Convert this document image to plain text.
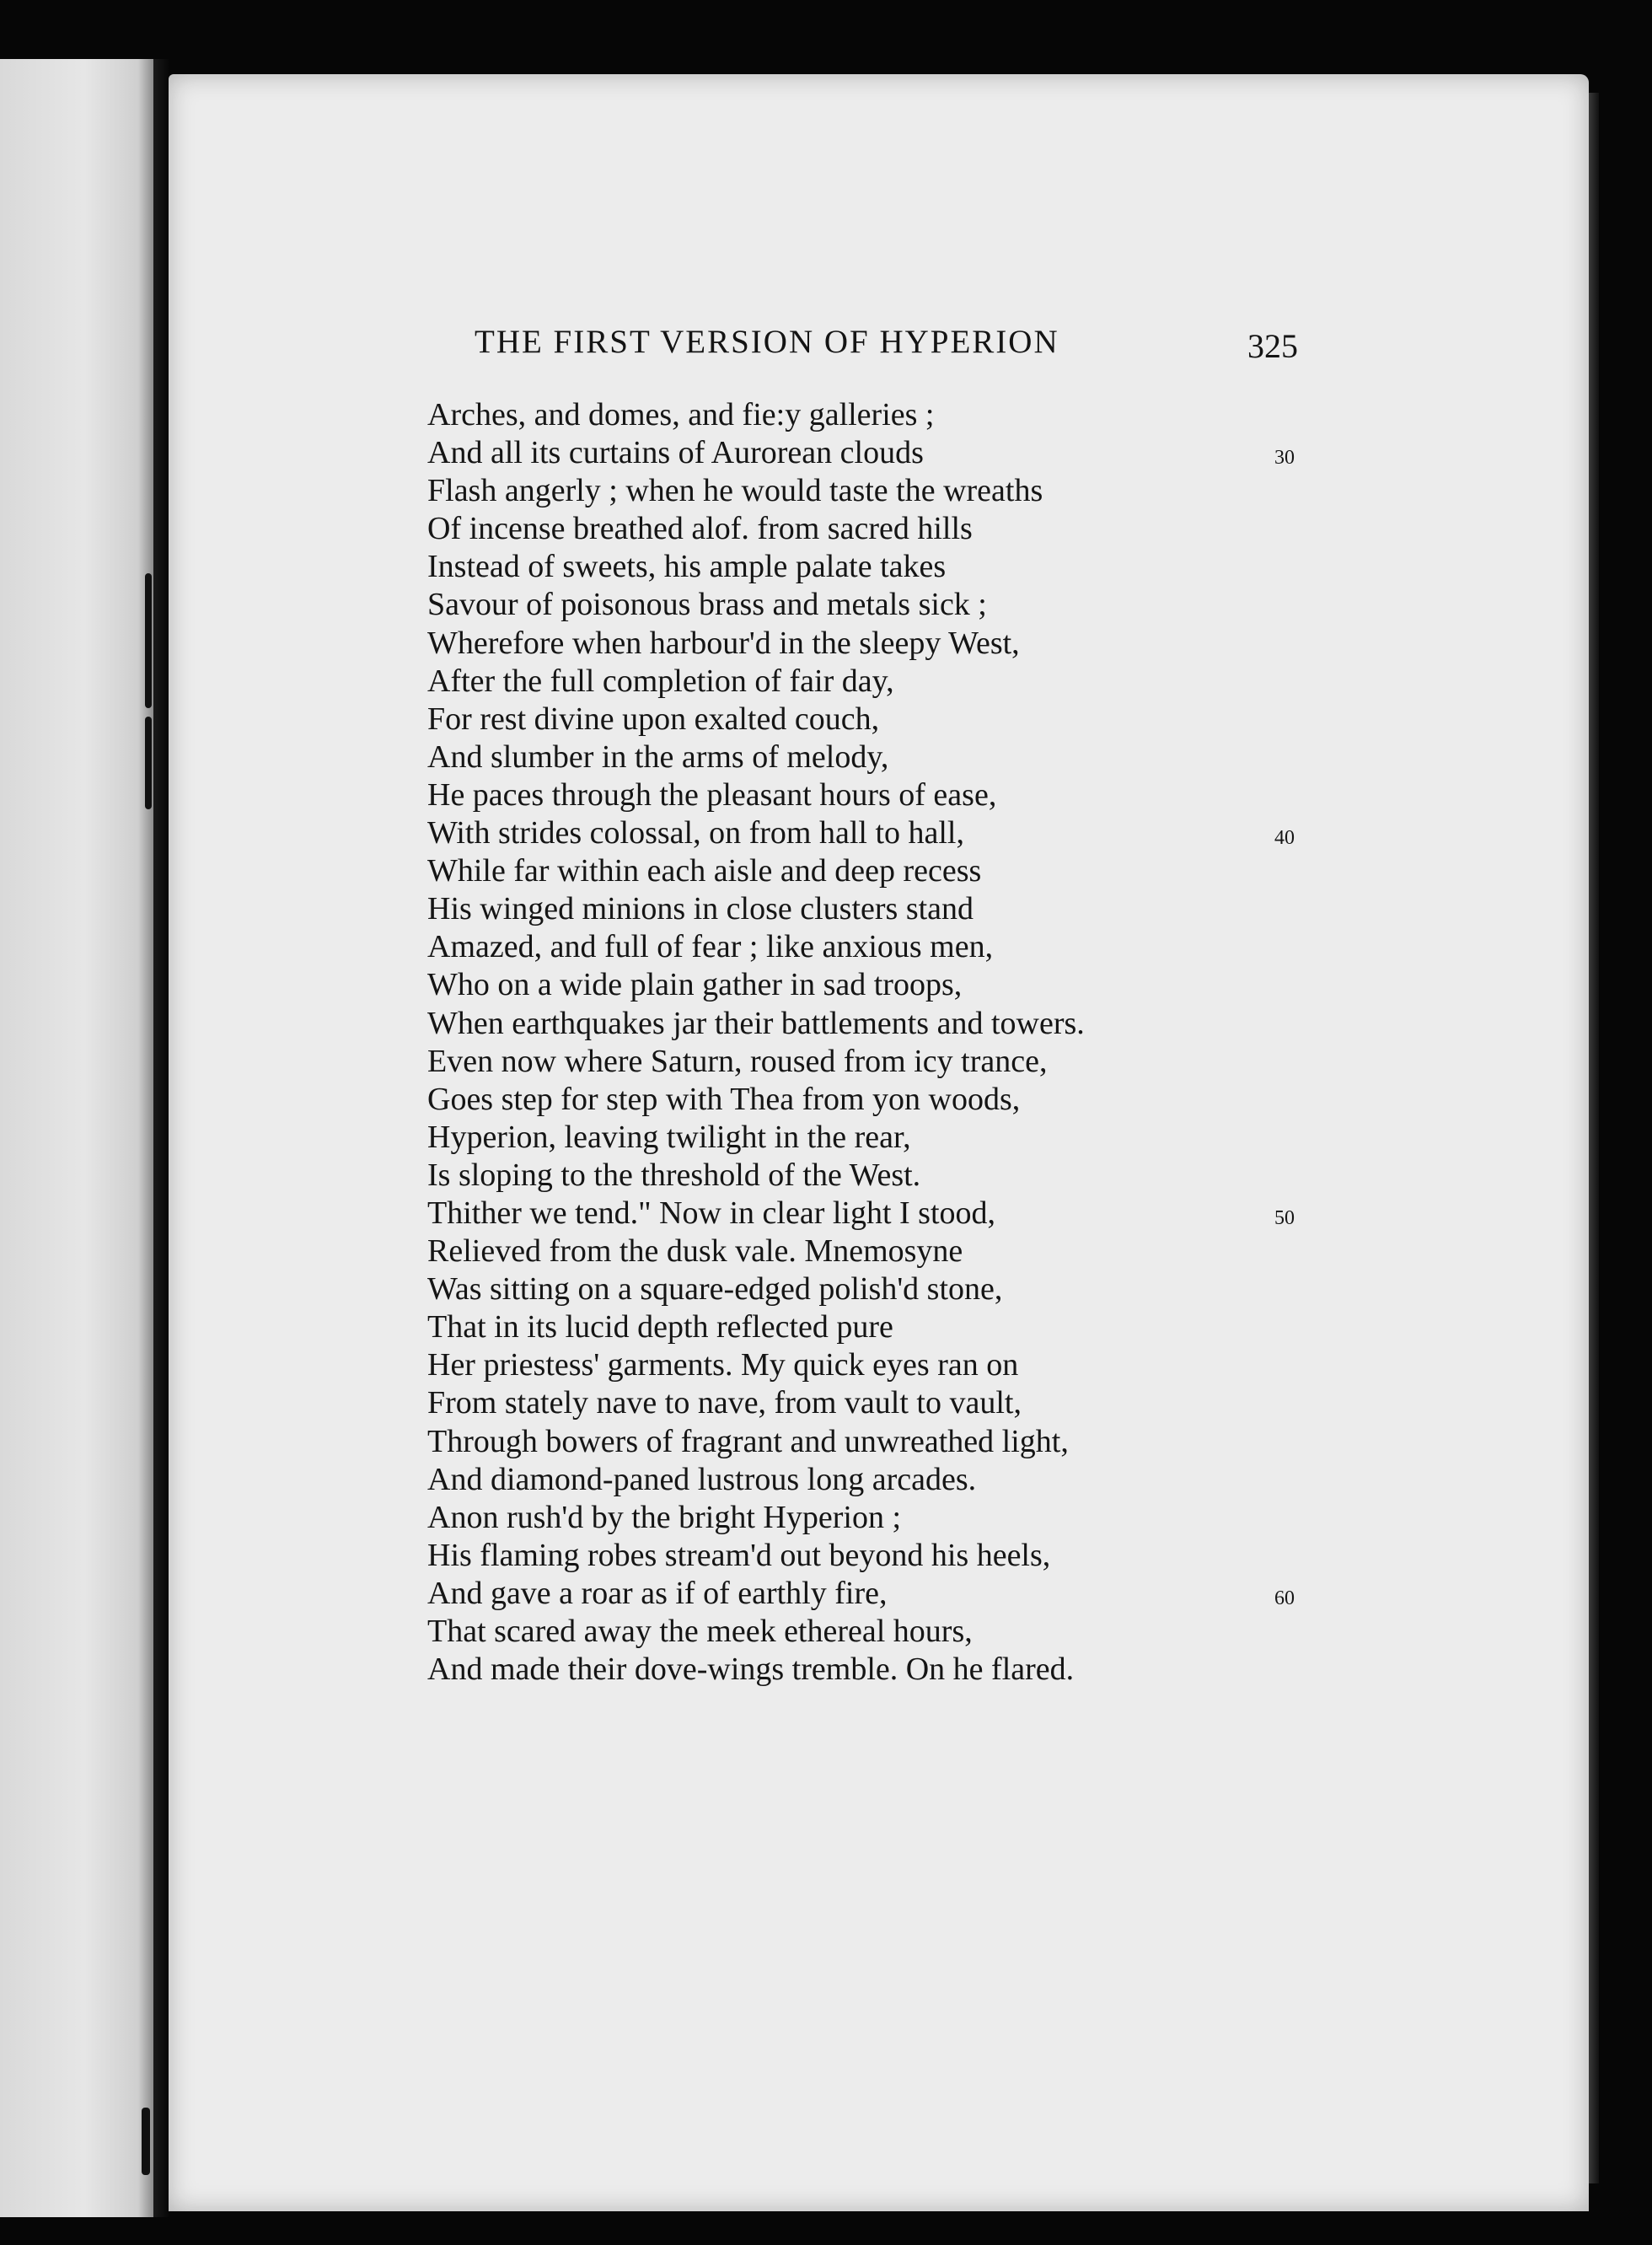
THE FIRST VERSION OF HYPERION	325
Arches, and domes, and fie:y galleries ;
And all its curtains of Aurorean clouds	30
Flash angerly ; when he would taste the wreaths
Of incense breathed alof. from sacred hills
Instead of sweets, his ample palate takes
Savour of poisonous brass and metals sick ;
Wherefore when harbour'd in the sleepy West,
After the full completion of fair day,
For rest divine upon exalted couch,
And slumber in the arms of melody,
He paces through the pleasant hours of ease,
With strides colossal, on from hall to hall,	40
While far within each aisle and deep recess
His winged minions in close clusters stand
Amazed, and full of fear ; like anxious men,
Who on a wide plain gather in sad troops,
When earthquakes jar their battlements and towers.
Even now where Saturn, roused from icy trance,
Goes step for step with Thea from yon woods,
Hyperion, leaving twilight in the rear,
Is sloping to the threshold of the West.
Thither we tend." Now in clear light I stood,	50
Relieved from the dusk vale. Mnemosyne
Was sitting on a square-edged polish'd stone,
That in its lucid depth reflected pure
Her priestess' garments. My quick eyes ran on
From stately nave to nave, from vault to vault,
Through bowers of fragrant and unwreathed light,
And diamond-paned lustrous long arcades.
Anon rush'd by the bright Hyperion ;
His flaming robes stream'd out beyond his heels,
And gave a roar as if of earthly fire,	60
That scared away the meek ethereal hours,
And made their dove-wings tremble. On he flared.
